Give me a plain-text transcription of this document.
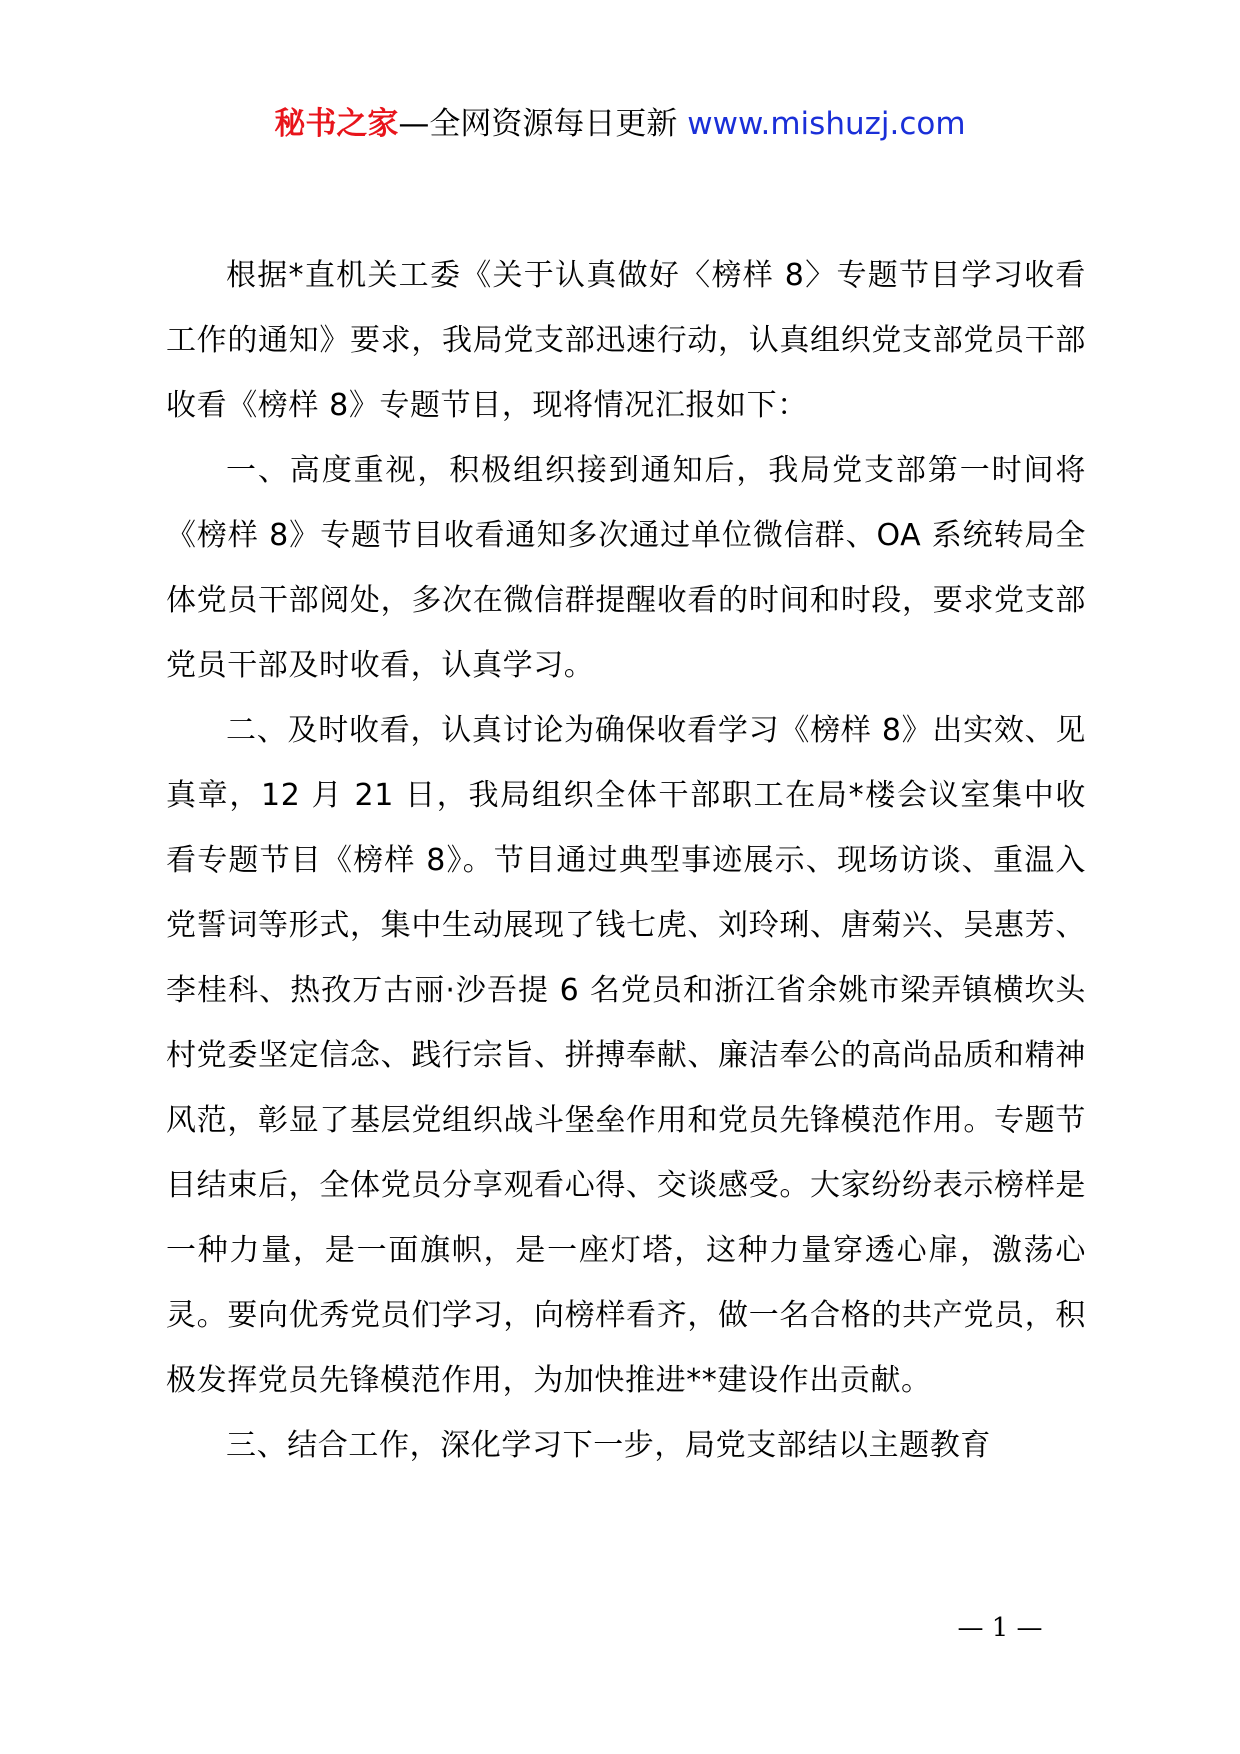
秘书之家—全网资源每日更新 www.mishuzj.com

根据*直机关工委《关于认真做好〈榜样 8〉专题节目学习收看工作的通知》要求，我局党支部迅速行动，认真组织党支部党员干部收看《榜样 8》专题节目，现将情况汇报如下：

一、高度重视，积极组织接到通知后，我局党支部第一时间将《榜样 8》专题节目收看通知多次通过单位微信群、OA 系统转局全体党员干部阅处，多次在微信群提醒收看的时间和时段，要求党支部党员干部及时收看，认真学习。

二、及时收看，认真讨论为确保收看学习《榜样 8》出实效、见真章，12 月 21 日，我局组织全体干部职工在局*楼会议室集中收看专题节目《榜样 8》。节目通过典型事迹展示、现场访谈、重温入党誓词等形式，集中生动展现了钱七虎、刘玲琍、唐菊兴、吴惠芳、李桂科、热孜万古丽·沙吾提 6 名党员和浙江省余姚市梁弄镇横坎头村党委坚定信念、践行宗旨、拼搏奉献、廉洁奉公的高尚品质和精神风范，彰显了基层党组织战斗堡垒作用和党员先锋模范作用。专题节目结束后，全体党员分享观看心得、交谈感受。大家纷纷表示榜样是一种力量，是一面旗帜，是一座灯塔，这种力量穿透心扉，激荡心灵。要向优秀党员们学习，向榜样看齐，做一名合格的共产党员，积极发挥党员先锋模范作用，为加快推进**建设作出贡献。

三、结合工作，深化学习下一步，局党支部结以主题教育

— 1 —
